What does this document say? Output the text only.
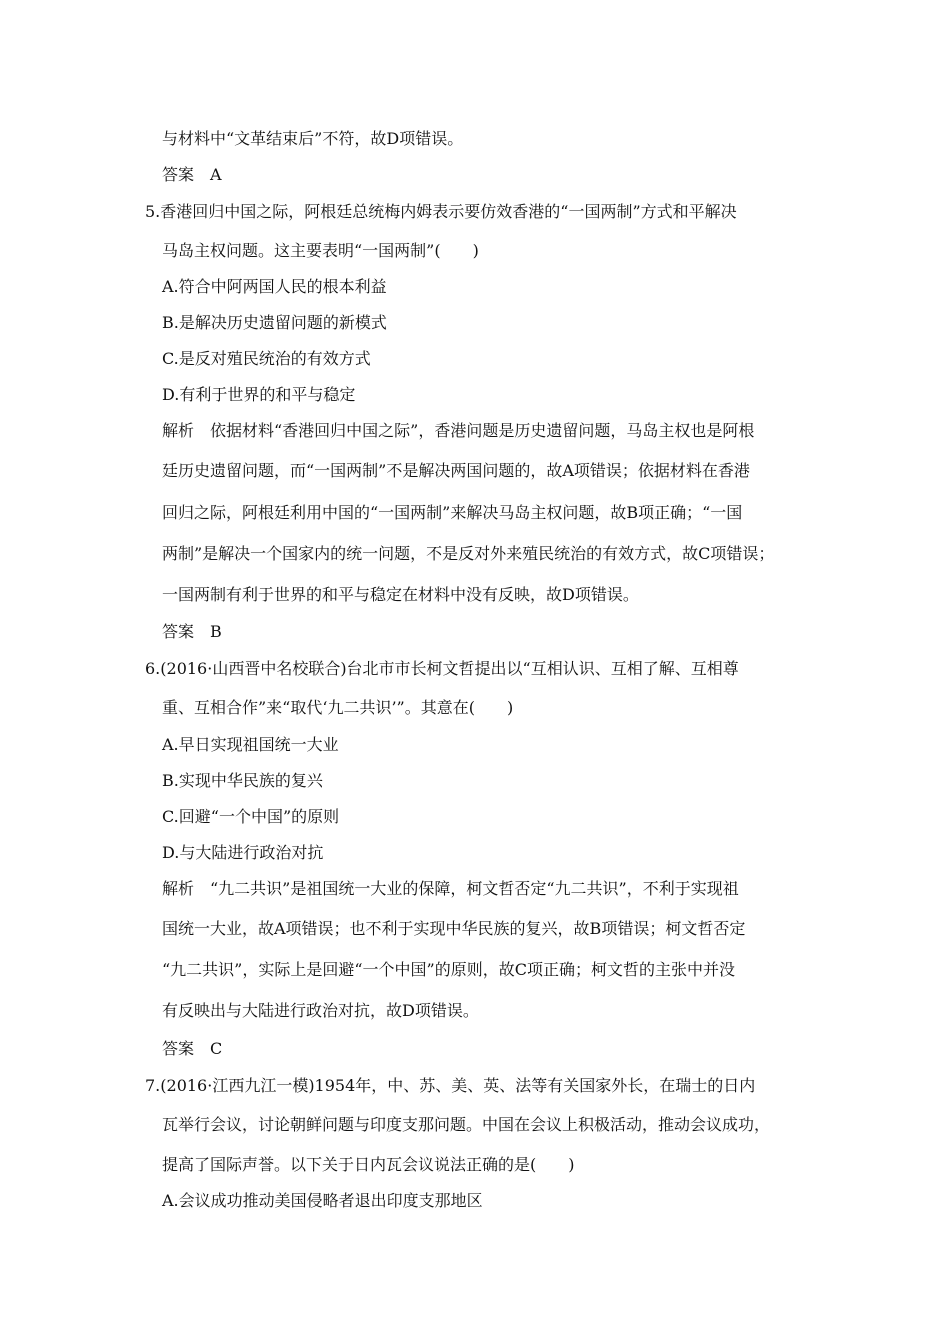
与材料中“文革结束后”不符，故D项错误。
答案　A
5.香港回归中国之际，阿根廷总统梅内姆表示要仿效香港的“一国两制”方式和平解决
马岛主权问题。这主要表明“一国两制”(　　)
A.符合中阿两国人民的根本利益
B.是解决历史遗留问题的新模式
C.是反对殖民统治的有效方式
D.有利于世界的和平与稳定
解析　依据材料“香港回归中国之际”，香港问题是历史遗留问题，马岛主权也是阿根
廷历史遗留问题，而“一国两制”不是解决两国问题的，故A项错误；依据材料在香港
回归之际，阿根廷利用中国的“一国两制”来解决马岛主权问题，故B项正确；“一国
两制”是解决一个国家内的统一问题，不是反对外来殖民统治的有效方式，故C项错误；
一国两制有利于世界的和平与稳定在材料中没有反映，故D项错误。
答案　B
6.(2016·山西晋中名校联合)台北市市长柯文哲提出以“互相认识、互相了解、互相尊
重、互相合作”来“取代‘九二共识’”。其意在(　　)
A.早日实现祖国统一大业
B.实现中华民族的复兴
C.回避“一个中国”的原则
D.与大陆进行政治对抗
解析　“九二共识”是祖国统一大业的保障，柯文哲否定“九二共识”，不利于实现祖
国统一大业，故A项错误；也不利于实现中华民族的复兴，故B项错误；柯文哲否定
“九二共识”，实际上是回避“一个中国”的原则，故C项正确；柯文哲的主张中并没
有反映出与大陆进行政治对抗，故D项错误。
答案　C
7.(2016·江西九江一模)1954年，中、苏、美、英、法等有关国家外长，在瑞士的日内
瓦举行会议，讨论朝鲜问题与印度支那问题。中国在会议上积极活动，推动会议成功，
提高了国际声誉。以下关于日内瓦会议说法正确的是(　　)
A.会议成功推动美国侵略者退出印度支那地区
